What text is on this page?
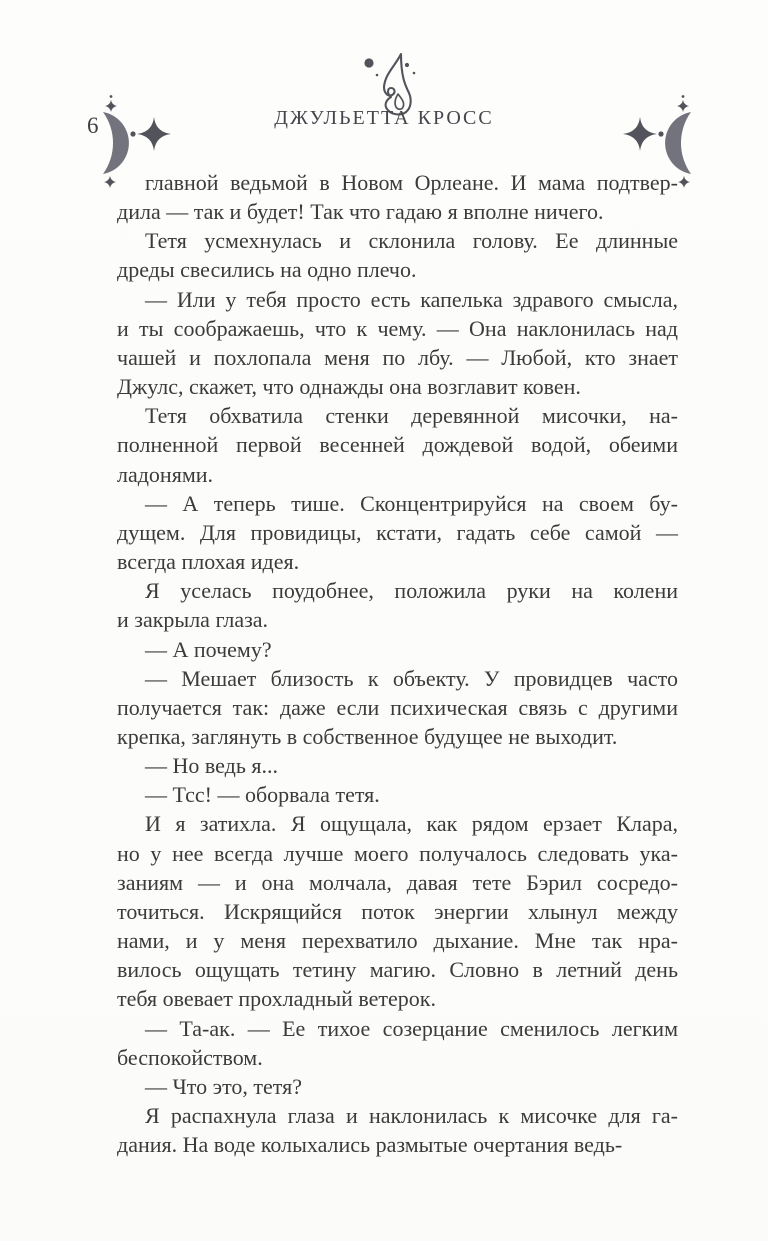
6	ДЖУЛЬЕТТА КРОСС
главной ведьмой в Новом Орлеане. И мама подтвер-
дила — так и будет! Так что гадаю я вполне ничего.
Тетя усмехнулась и склонила голову. Ее длинные
дреды свесились на одно плечо.
— Или у тебя просто есть капелька здравого смысла,
и ты соображаешь, что к чему. — Она наклонилась над
чашей и похлопала меня по лбу. — Любой, кто знает
Джулс, скажет, что однажды она возглавит ковен.
Тетя обхватила стенки деревянной мисочки, на-
полненной первой весенней дождевой водой, обеими
ладонями.
— А теперь тише. Сконцентрируйся на своем бу-
дущем. Для провидицы, кстати, гадать себе самой —
всегда плохая идея.
Я уселась поудобнее, положила руки на колени
и закрыла глаза.
— А почему?
— Мешает близость к объекту. У провидцев часто
получается так: даже если психическая связь с другими
крепка, заглянуть в собственное будущее не выходит.
— Но ведь я...
— Тсс! — оборвала тетя.
И я затихла. Я ощущала, как рядом ерзает Клара,
но у нее всегда лучше моего получалось следовать ука-
заниям — и она молчала, давая тете Бэрил сосредо-
точиться. Искрящийся поток энергии хлынул между
нами, и у меня перехватило дыхание. Мне так нра-
вилось ощущать тетину магию. Словно в летний день
тебя овевает прохладный ветерок.
— Та-ак. — Ее тихое созерцание сменилось легким
беспокойством.
— Что это, тетя?
Я распахнула глаза и наклонилась к мисочке для га-
дания. На воде колыхались размытые очертания ведь-
